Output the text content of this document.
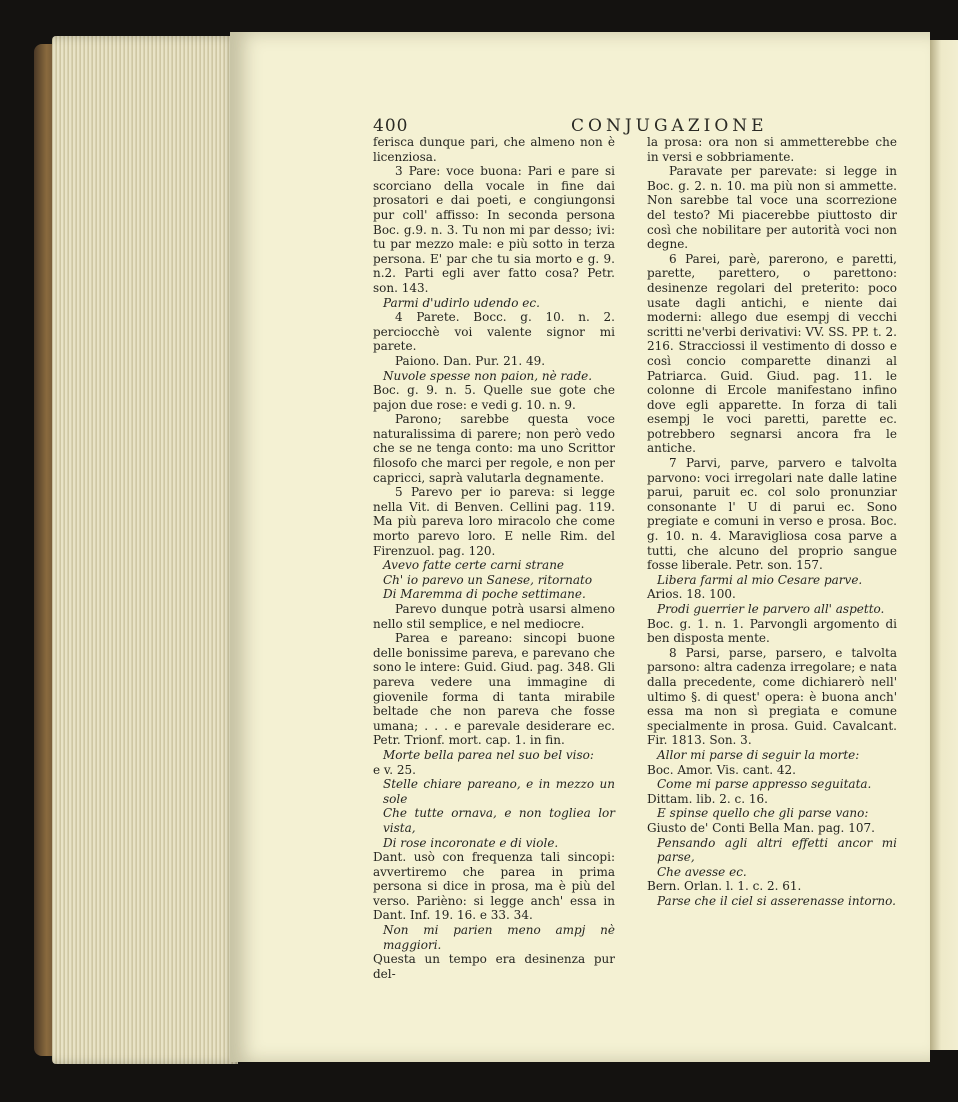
400	CONJUGAZIONE

ferisca dunque pari, che almeno non è licenziosa.

3 Pare: voce buona: Pari e pare si scorciano della vocale in fine dai prosatori e dai poeti, e congiungonsi pur coll' affisso: In seconda persona Boc. g.9. n. 3. Tu non mi par desso; ivi: tu par mezzo male: e più sotto in terza persona. E' par che tu sia morto e g. 9. n.2. Parti egli aver fatto cosa? Petr. son. 143.

Parmi d'udirlo udendo ec.

4 Parete. Bocc. g. 10. n. 2. perciocchè voi valente signor mi parete.

Paiono. Dan. Pur. 21. 49.

Nuvole spesse non paion, nè rade.

Boc. g. 9. n. 5. Quelle sue gote che pajon due rose: e vedi g. 10. n. 9.

Parono; sarebbe questa voce naturalissima di parere; non però vedo che se ne tenga conto: ma uno Scrittor filosofo che marci per regole, e non per capricci, saprà valutarla degnamente.

5 Parevo per io pareva: si legge nella Vit. di Benven. Cellini pag. 119. Ma più pareva loro miracolo che come morto parevo loro. E nelle Rim. del Firenzuol. pag. 120.

Avevo fatte certe carni strane

Ch' io parevo un Sanese, ritornato

Di Maremma di poche settimane.

Parevo dunque potrà usarsi almeno nello stil semplice, e nel mediocre.

Parea e pareano: sincopi buone delle bonissime pareva, e parevano che sono le intere: Guid. Giud. pag. 348. Gli pareva vedere una immagine di giovenile forma di tanta mirabile beltade che non pareva che fosse umana; . . . e parevale desiderare ec. Petr. Trionf. mort. cap. 1. in fin.

Morte bella parea nel suo bel viso:

e v. 25.

Stelle chiare pareano, e in mezzo un sole

Che tutte ornava, e non togliea lor vista,

Di rose incoronate e di viole.

Dant. usò con frequenza tali sincopi: avvertiremo che parea in prima persona si dice in prosa, ma è più del verso. Parièno: si legge anch' essa in Dant. Inf. 19. 16. e 33. 34.

Non mi parien meno ampj nè maggiori.

Questa un tempo era desinenza pur del-

la prosa: ora non si ammetterebbe che in versi e sobbriamente.

Paravate per parevate: si legge in Boc. g. 2. n. 10. ma più non si ammette. Non sarebbe tal voce una scorrezione del testo? Mi piacerebbe piuttosto dir così che nobilitare per autorità voci non degne.

6 Parei, parè, parerono, e paretti, parette, parettero, o parettono: desinenze regolari del preterito: poco usate dagli antichi, e niente dai moderni: allego due esempj di vecchi scritti ne'verbi derivativi: VV. SS. PP. t. 2. 216. Stracciossi il vestimento di dosso e così concio comparette dinanzi al Patriarca. Guid. Giud. pag. 11. le colonne di Ercole manifestano infino dove egli apparette. In forza di tali esempj le voci paretti, parette ec. potrebbero segnarsi ancora fra le antiche.

7 Parvi, parve, parvero e talvolta parvono: voci irregolari nate dalle latine parui, paruit ec. col solo pronunziar consonante l' U di parui ec. Sono pregiate e comuni in verso e prosa. Boc. g. 10. n. 4. Maravigliosa cosa parve a tutti, che alcuno del proprio sangue fosse liberale. Petr. son. 157.

Libera farmi al mio Cesare parve.

Arios. 18. 100.

Prodi guerrier le parvero all' aspetto.

Boc. g. 1. n. 1. Parvongli argomento di ben disposta mente.

8 Parsi, parse, parsero, e talvolta parsono: altra cadenza irregolare; e nata dalla precedente, come dichiarerò nell' ultimo §. di quest' opera: è buona anch' essa ma non sì pregiata e comune specialmente in prosa. Guid. Cavalcant. Fir. 1813. Son. 3.

Allor mi parse di seguir la morte:

Boc. Amor. Vis. cant. 42.

Come mi parse appresso seguitata.

Dittam. lib. 2. c. 16.

E spinse quello che gli parse vano:

Giusto de' Conti Bella Man. pag. 107.

Pensando agli altri effetti ancor mi parse,

Che avesse ec.

Bern. Orlan. l. 1. c. 2. 61.

Parse che il ciel si asserenasse intorno.
